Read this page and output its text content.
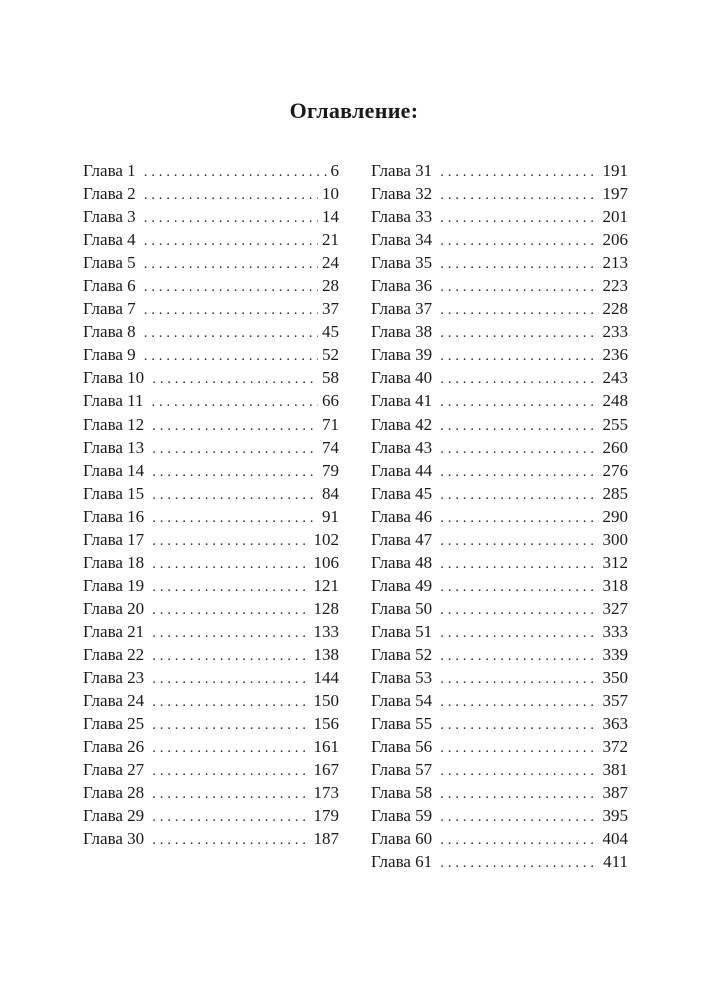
Оглавление:
Глава 1 . . .	6
Глава 2 . . .	10
Глава 3 . . .	14
Глава 4 . . .	21
Глава 5 . . .	24
Глава 6 . . .	28
Глава 7 . . .	37
Глава 8 . . .	45
Глава 9 . . .	52
Глава 10 . . .	58
Глава 11 . . .	66
Глава 12 . . .	71
Глава 13 . . .	74
Глава 14 . . .	79
Глава 15 . . .	84
Глава 16 . . .	91
Глава 17 . . .	102
Глава 18 . . .	106
Глава 19 . . .	121
Глава 20 . . .	128
Глава 21 . . .	133
Глава 22 . . .	138
Глава 23 . . .	144
Глава 24 . . .	150
Глава 25 . . .	156
Глава 26 . . .	161
Глава 27 . . .	167
Глава 28 . . .	173
Глава 29 . . .	179
Глава 30 . . .	187
Глава 31 . . .	191
Глава 32 . . .	197
Глава 33 . . .	201
Глава 34 . . .	206
Глава 35 . . .	213
Глава 36 . . .	223
Глава 37 . . .	228
Глава 38 . . .	233
Глава 39 . . .	236
Глава 40 . . .	243
Глава 41 . . .	248
Глава 42 . . .	255
Глава 43 . . .	260
Глава 44 . . .	276
Глава 45 . . .	285
Глава 46 . . .	290
Глава 47 . . .	300
Глава 48 . . .	312
Глава 49 . . .	318
Глава 50 . . .	327
Глава 51 . . .	333
Глава 52 . . .	339
Глава 53 . . .	350
Глава 54 . . .	357
Глава 55 . . .	363
Глава 56 . . .	372
Глава 57 . . .	381
Глава 58 . . .	387
Глава 59 . . .	395
Глава 60 . . .	404
Глава 61 . . .	411
